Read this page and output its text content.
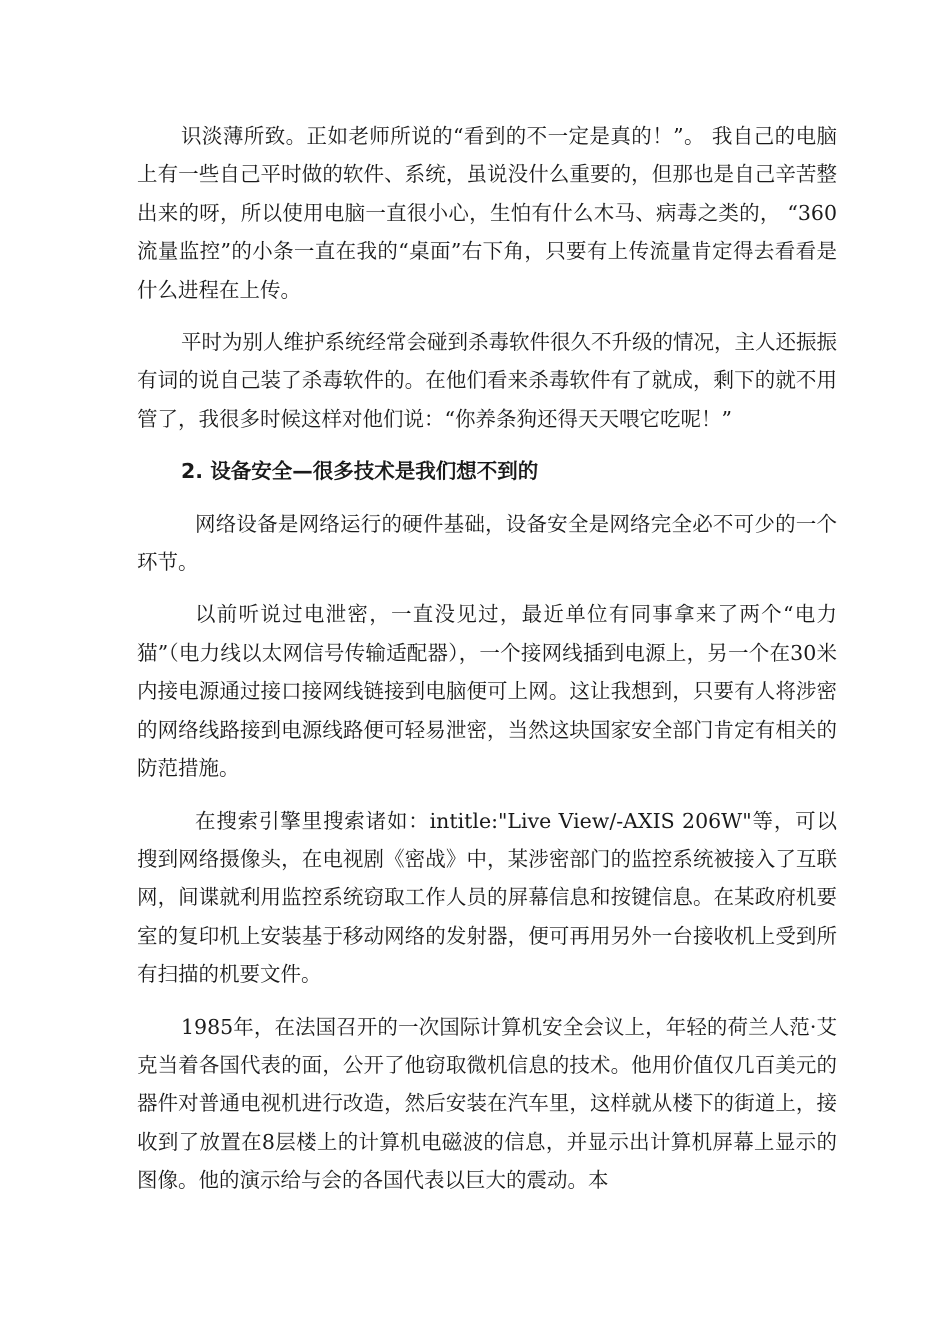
识淡薄所致。正如老师所说的“看到的不一定是真的！”。 我自己的电脑上有一些自己平时做的软件、系统，虽说没什么重要的，但那也是自己辛苦整出来的呀，所以使用电脑一直很小心，生怕有什么木马、病毒之类的， “360流量监控”的小条一直在我的“桌面”右下角，只要有上传流量肯定得去看看是什么进程在上传。

平时为别人维护系统经常会碰到杀毒软件很久不升级的情况，主人还振振有词的说自己装了杀毒软件的。在他们看来杀毒软件有了就成，剩下的就不用管了，我很多时候这样对他们说：“你养条狗还得天天喂它吃呢！”

2. 设备安全—很多技术是我们想不到的

网络设备是网络运行的硬件基础，设备安全是网络完全必不可少的一个环节。

以前听说过电泄密，一直没见过，最近单位有同事拿来了两个“电力猫”（电力线以太网信号传输适配器），一个接网线插到电源上，另一个在30米内接电源通过接口接网线链接到电脑便可上网。这让我想到，只要有人将涉密的网络线路接到电源线路便可轻易泄密，当然这块国家安全部门肯定有相关的防范措施。

在搜索引擎里搜索诸如：intitle:"Live View/-AXIS 206W"等，可以搜到网络摄像头，在电视剧《密战》中，某涉密部门的监控系统被接入了互联网，间谍就利用监控系统窃取工作人员的屏幕信息和按键信息。在某政府机要室的复印机上安装基于移动网络的发射器，便可再用另外一台接收机上受到所有扫描的机要文件。

1985年，在法国召开的一次国际计算机安全会议上，年轻的荷兰人范·艾克当着各国代表的面，公开了他窃取微机信息的技术。他用价值仅几百美元的器件对普通电视机进行改造，然后安装在汽车里，这样就从楼下的街道上，接收到了放置在8层楼上的计算机电磁波的信息，并显示出计算机屏幕上显示的图像。他的演示给与会的各国代表以巨大的震动。本
